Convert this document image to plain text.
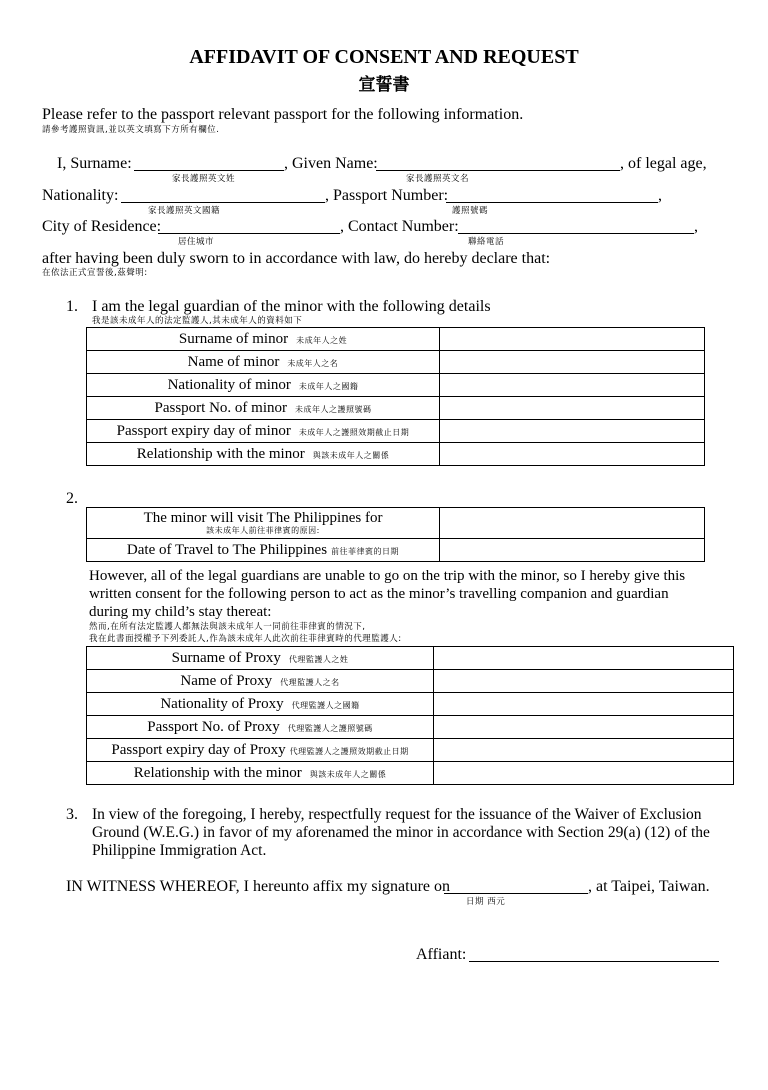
AFFIDAVIT OF CONSENT AND REQUEST
宣誓書
Please refer to the passport relevant passport for the following information.
請參考護照資訊,並以英文填寫下方所有欄位.
I, Surname:	, Given Name:	, of legal age,
家長護照英文姓	家長護照英文名
Nationality:	, Passport Number:	,
家長護照英文國籍	護照號碼
City of Residence:	, Contact Number:	,
居住城市	聯絡電話
after having been duly sworn to in accordance with law, do hereby declare that:
在依法正式宣誓後,茲聲明:
1. I am the legal guardian of the minor with the following details
我是該未成年人的法定監護人,其未成年人的資料如下
Surname of minor 未成年人之姓	
Name of minor 未成年人之名	
Nationality of minor 未成年人之國籍	
Passport No. of minor 未成年人之護照號碼	
Passport expiry day of minor 未成年人之護照效期截止日期	
Relationship with the minor 與該未成年人之關係	
2.
The minor will visit The Philippines for
該未成年人前往菲律賓的原因:	

Date of Travel to The Philippines 前往菲律賓的日期	
However, all of the legal guardians are unable to go on the trip with the minor, so I hereby give this
written consent for the following person to act as the minor’s travelling companion and guardian
during my child’s stay thereat:
然而,在所有法定監護人都無法與該未成年人一同前往菲律賓的情況下,
我在此書面授權予下列委託人,作為該未成年人此次前往菲律賓時的代理監護人:
Surname of Proxy 代理監護人之姓	
Name of Proxy 代理監護人之名	
Nationality of Proxy 代理監護人之國籍	
Passport No. of Proxy 代理監護人之護照號碼	
Passport expiry day of Proxy 代理監護人之護照效期截止日期	
Relationship with the minor 與該未成年人之關係	
3. In view of the foregoing, I hereby, respectfully request for the issuance of the Waiver of Exclusion
Ground (W.E.G.) in favor of my aforenamed the minor in accordance with Section 29(a) (12) of the
Philippine Immigration Act.
IN WITNESS WHEREOF, I hereunto affix my signature on	, at Taipei, Taiwan.
日期 西元
Affiant:
